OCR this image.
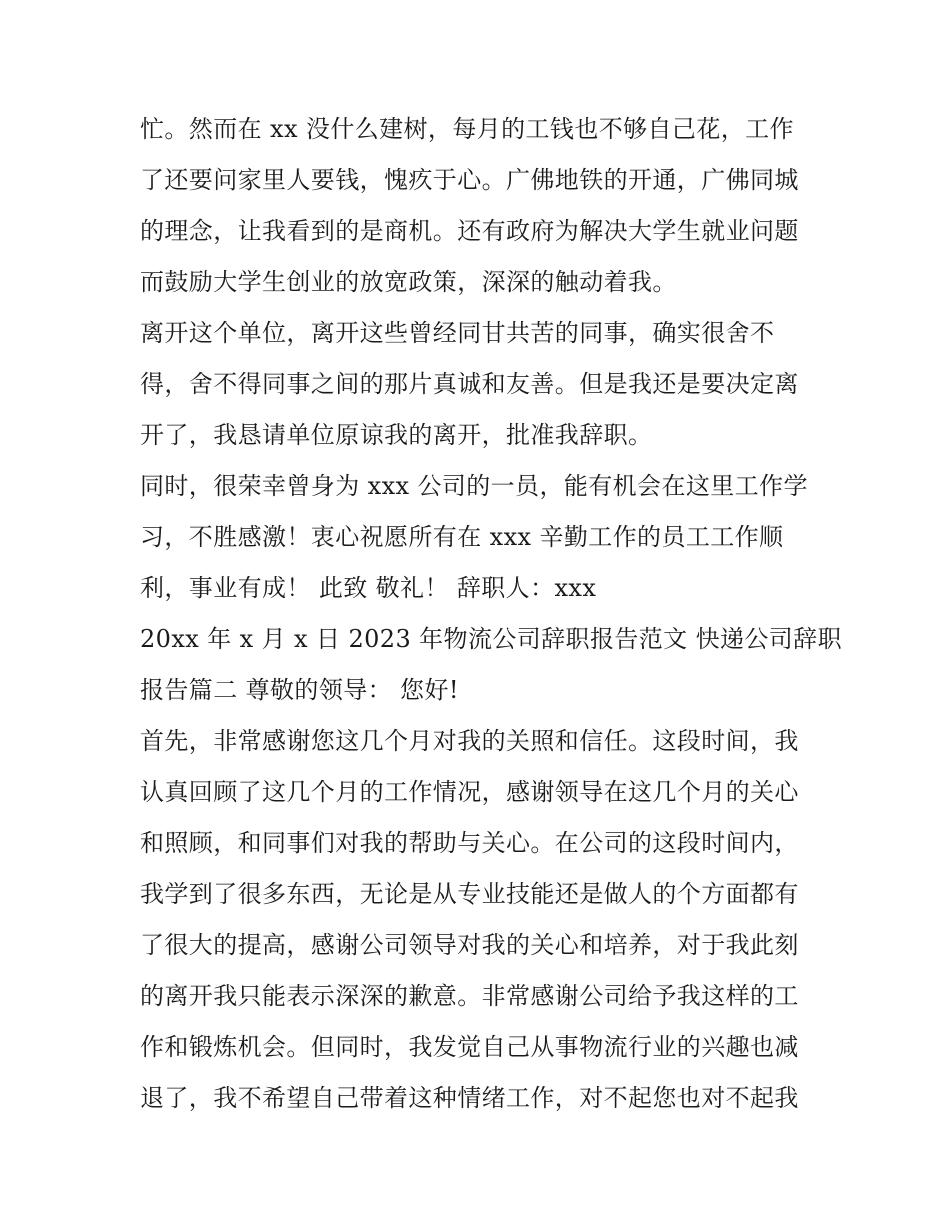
忙。然而在 xx 没什么建树，每月的工钱也不够自己花，工作
了还要问家里人要钱，愧疚于心。广佛地铁的开通，广佛同城
的理念，让我看到的是商机。还有政府为解决大学生就业问题
而鼓励大学生创业的放宽政策，深深的触动着我。
离开这个单位，离开这些曾经同甘共苦的同事，确实很舍不
得，舍不得同事之间的那片真诚和友善。但是我还是要决定离
开了，我恳请单位原谅我的离开，批准我辞职。
同时，很荣幸曾身为 xxx 公司的一员，能有机会在这里工作学
习，不胜感激！衷心祝愿所有在 xxx 辛勤工作的员工工作顺
利，事业有成！ 此致 敬礼！ 辞职人：xxx
20xx 年 x 月 x 日 2023 年物流公司辞职报告范文 快递公司辞职
报告篇二 尊敬的领导： 您好!
首先，非常感谢您这几个月对我的关照和信任。这段时间，我
认真回顾了这几个月的工作情况，感谢领导在这几个月的关心
和照顾，和同事们对我的帮助与关心。在公司的这段时间内，
我学到了很多东西，无论是从专业技能还是做人的个方面都有
了很大的提高，感谢公司领导对我的关心和培养，对于我此刻
的离开我只能表示深深的歉意。非常感谢公司给予我这样的工
作和锻炼机会。但同时，我发觉自己从事物流行业的兴趣也减
退了，我不希望自己带着这种情绪工作，对不起您也对不起我
